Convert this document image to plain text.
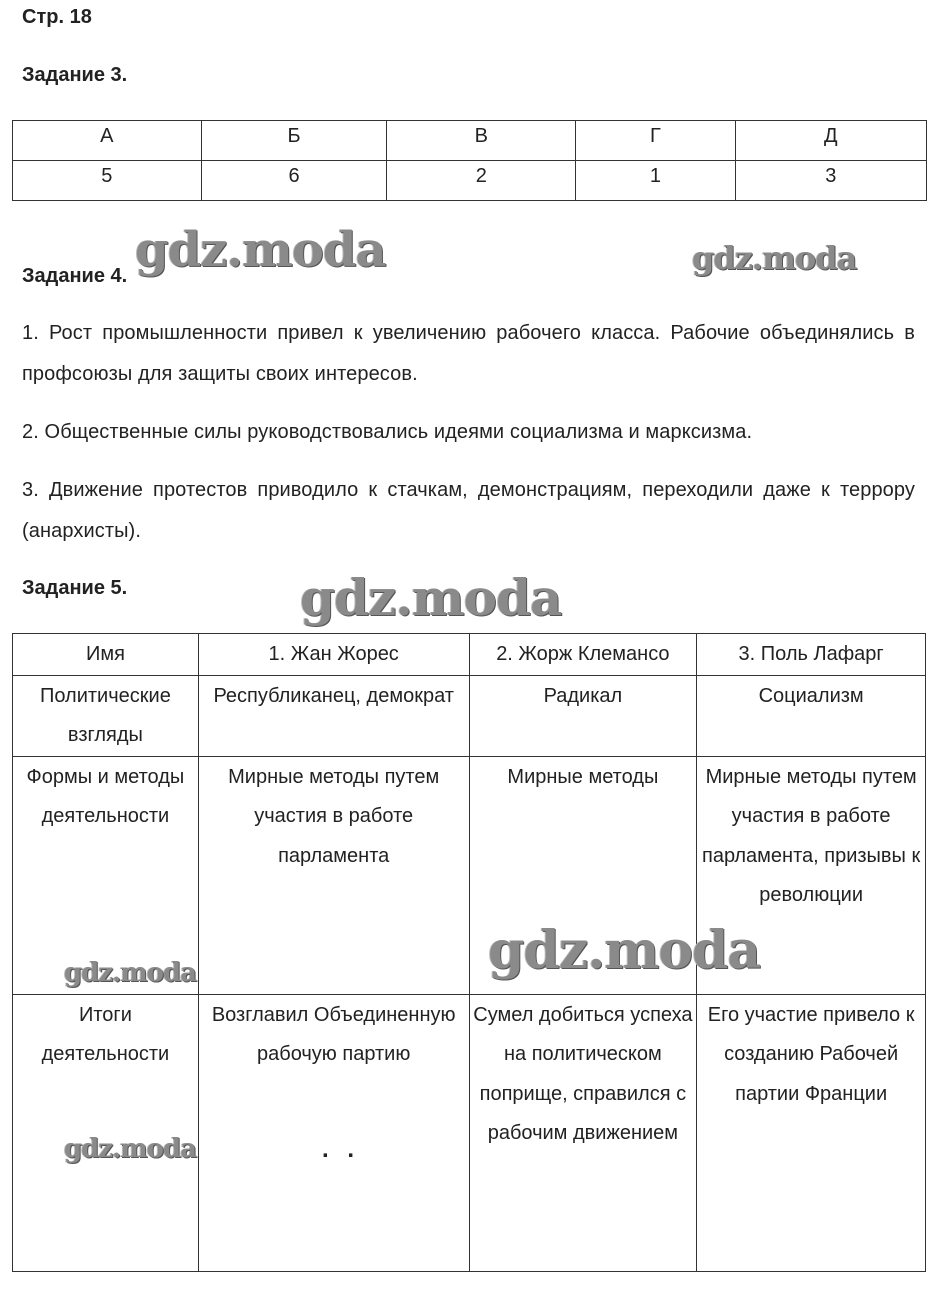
Стр. 18
Задание 3.
А	Б	В	Г	Д
5	6	2	1	3
Задание 4.
1. Рост промышленности привел к увеличению рабочего класса. Рабочие объединялись в профсоюзы для защиты своих интересов.
2. Общественные силы руководствовались идеями социализма и марксизма.
3. Движение протестов приводило к стачкам, демонстрациям, переходили даже к террору (анархисты).
Задание 5.
Имя	1. Жан Жорес	2. Жорж Клемансо	3. Поль Лафарг
Политические взгляды	Республиканец, демократ	Радикал	Социализм
Формы и методы деятельности	Мирные методы путем участия в работе парламента	Мирные методы	Мирные методы путем участия в работе парламента, призывы к революции
Итоги деятельности	Возглавил Объединенную рабочую партию	Сумел добиться успеха на политическом поприще, справился с рабочим движением	Его участие привело к созданию Рабочей партии Франции
. .
gdz.moda	gdz.moda
gdz.moda
gdz.moda
gdz.moda
gdz.moda
